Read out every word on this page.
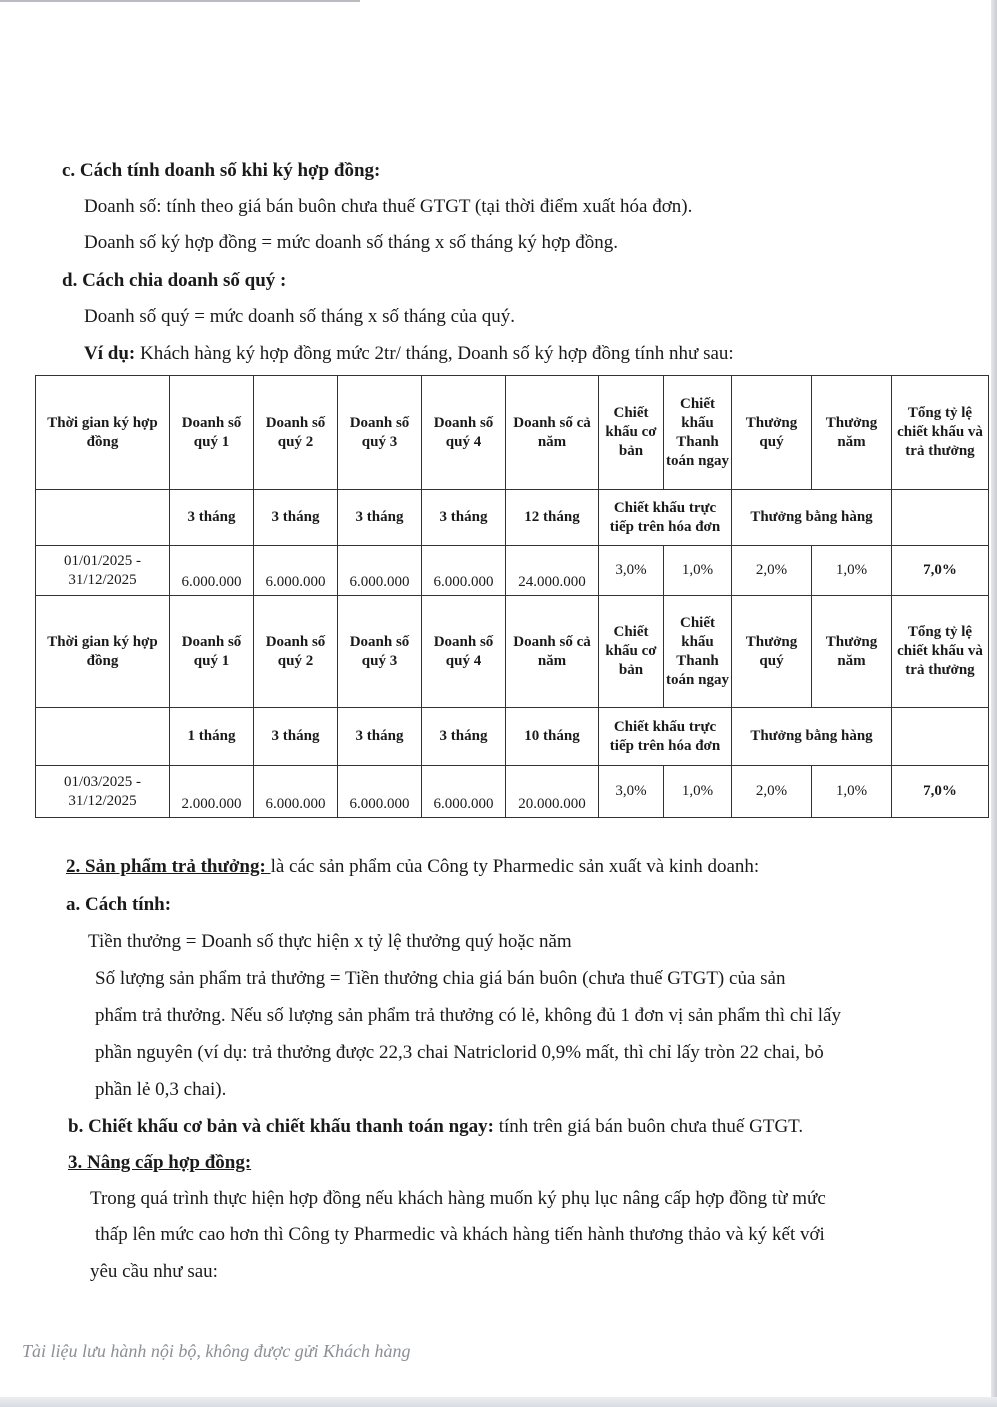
c. Cách tính doanh số khi ký hợp đồng:
Doanh số: tính theo giá bán buôn chưa thuế GTGT (tại thời điểm xuất hóa đơn).
Doanh số ký hợp đồng = mức doanh số tháng x số tháng ký hợp đồng.
d. Cách chia doanh số quý :
Doanh số quý = mức doanh số tháng x số tháng của quý.
Ví dụ: Khách hàng ký hợp đồng mức 2tr/ tháng, Doanh số ký hợp đồng tính như sau:
Thời gian ký hợp đồng	Doanh số quý 1	Doanh số quý 2	Doanh số quý 3	Doanh số quý 4	Doanh số cả năm	Chiết khấu cơ bản	Chiết khấu Thanh toán ngay	Thưởng quý	Thưởng năm	Tổng tỷ lệ chiết khấu và trả thưởng
	3 tháng	3 tháng	3 tháng	3 tháng	12 tháng	Chiết khấu trực tiếp trên hóa đơn		Thưởng bằng hàng		
01/01/2025 - 31/12/2025	6.000.000	6.000.000	6.000.000	6.000.000	24.000.000	3,0%	1,0%	2,0%	1,0%	7,0%
Thời gian ký hợp đồng	Doanh số quý 1	Doanh số quý 2	Doanh số quý 3	Doanh số quý 4	Doanh số cả năm	Chiết khấu cơ bản	Chiết khấu Thanh toán ngay	Thưởng quý	Thưởng năm	Tổng tỷ lệ chiết khấu và trả thưởng
	1 tháng	3 tháng	3 tháng	3 tháng	10 tháng	Chiết khấu trực tiếp trên hóa đơn		Thưởng bằng hàng		
01/03/2025 - 31/12/2025	2.000.000	6.000.000	6.000.000	6.000.000	20.000.000	3,0%	1,0%	2,0%	1,0%	7,0%
2. Sản phẩm trả thưởng: là các sản phẩm của Công ty Pharmedic sản xuất và kinh doanh:
a. Cách tính:
Tiền thưởng = Doanh số thực hiện x tỷ lệ thưởng quý hoặc năm
Số lượng sản phẩm trả thưởng = Tiền thưởng chia giá bán buôn (chưa thuế GTGT) của sản
phẩm trả thưởng. Nếu số lượng sản phẩm trả thưởng có lẻ, không đủ 1 đơn vị sản phẩm thì chỉ lấy
phần nguyên (ví dụ: trả thưởng được 22,3 chai Natriclorid 0,9% mất, thì chỉ lấy tròn 22 chai, bỏ
phần lẻ 0,3 chai).
b. Chiết khấu cơ bản và chiết khấu thanh toán ngay: tính trên giá bán buôn chưa thuế GTGT.
3. Nâng cấp hợp đồng:
Trong quá trình thực hiện hợp đồng nếu khách hàng muốn ký phụ lục nâng cấp hợp đồng từ mức
thấp lên mức cao hơn thì Công ty Pharmedic và khách hàng tiến hành thương thảo và ký kết với
yêu cầu như sau:
Tài liệu lưu hành nội bộ, không được gửi Khách hàng
